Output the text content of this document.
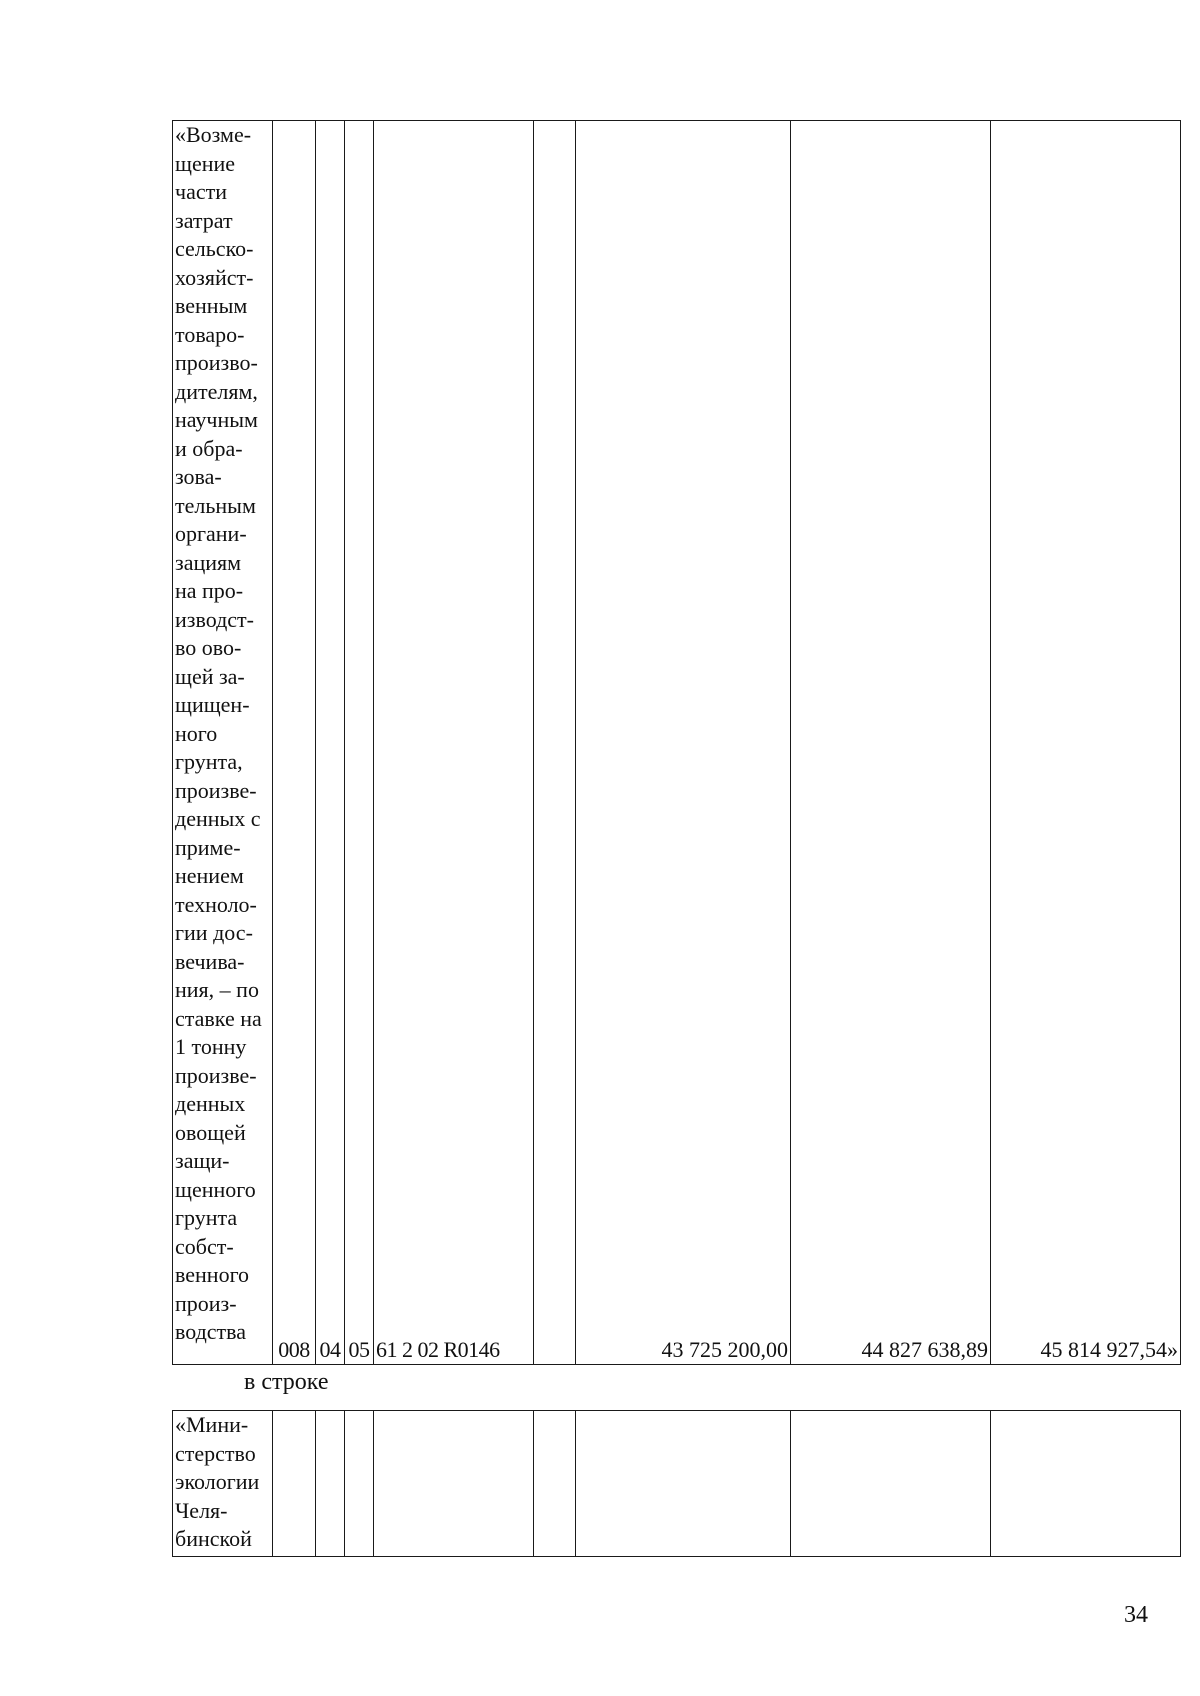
«Возме-
щение
части
затрат
сельско-
хозяйст-
венным
товаро-
произво-
дителям,
научным
и обра-
зова-
тельным
органи-
зациям
на про-
изводст-
во ово-
щей за-
щищен-
ного
грунта,
произве-
денных с
приме-
нением
техноло-
гии дос-
вечива-
ния, – по
ставке на
1 тонну
произве-
денных
овощей
защи-
щенного
грунта
собст-
венного
произ-
водства
	008	04	05	61 2 02 R0146		43 725 200,00	44 827 638,89	45 814 927,54»
в строке
«Мини-
стерство
экологии
Челя-
бинской

34
